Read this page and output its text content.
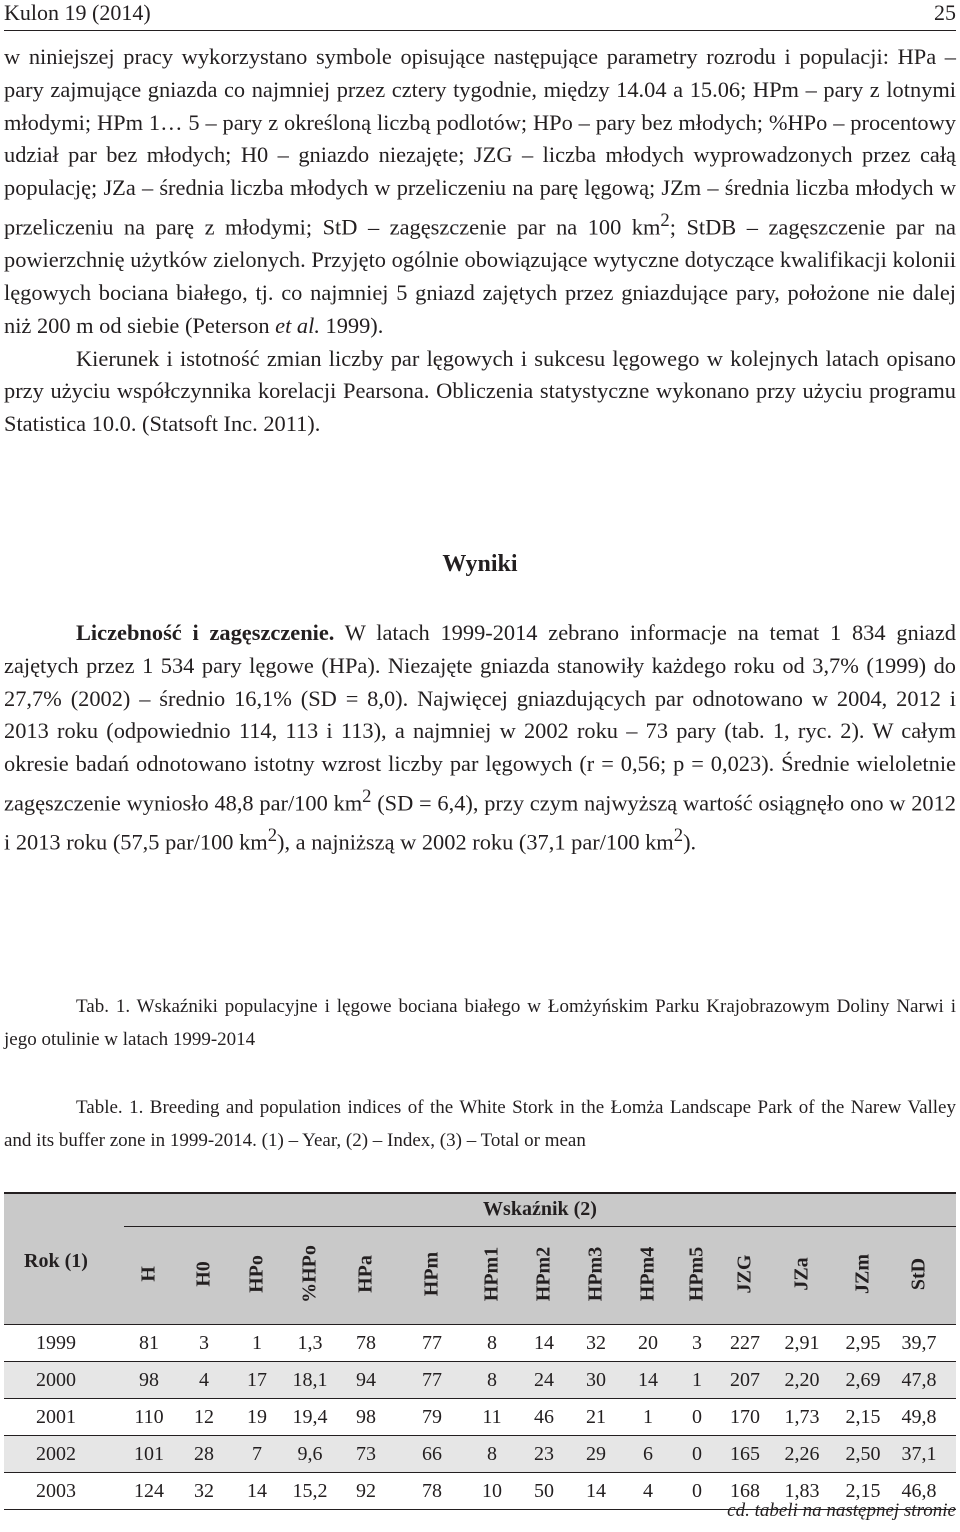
Kulon 19 (2014)	25

w niniejszej pracy wykorzystano symbole opisujące następujące parametry rozrodu i populacji: HPa – pary zajmujące gniazda co najmniej przez cztery tygodnie, między 14.04 a 15.06; HPm – pary z lotnymi młodymi; HPm 1… 5 – pary z określoną liczbą podlotów; HPo – pary bez młodych; %HPo – procentowy udział par bez młodych; H0 – gniazdo niezajęte; JZG – liczba młodych wyprowadzonych przez całą populację; JZa – średnia liczba młodych w przeliczeniu na parę lęgową; JZm – średnia liczba młodych w przeliczeniu na parę z młodymi; StD – zagęszczenie par na 100 $km^2$; StDB – zagęszczenie par na powierzchnię użytków zielonych. Przyjęto ogólnie obowiązujące wytyczne dotyczące kwalifikacji kolonii lęgowych bociana białego, tj. co najmniej 5 gniazd zajętych przez gniazdujące pary, położone nie dalej niż 200 m od siebie (Peterson et al. 1999).

Kierunek i istotność zmian liczby par lęgowych i sukcesu lęgowego w kolejnych latach opisano przy użyciu współczynnika korelacji Pearsona. Obliczenia statystyczne wykonano przy użyciu programu Statistica 10.0. (Statsoft Inc. 2011).

Wyniki

Liczebność i zagęszczenie. W latach 1999-2014 zebrano informacje na temat 1 834 gniazd zajętych przez 1 534 pary lęgowe (HPa). Niezajęte gniazda stanowiły każdego roku od 3,7% (1999) do 27,7% (2002) – średnio 16,1% (SD = 8,0). Najwięcej gniazdujących par odnotowano w 2004, 2012 i 2013 roku (odpowiednio 114, 113 i 113), a najmniej w 2002 roku – 73 pary (tab. 1, ryc. 2). W całym okresie badań odnotowano istotny wzrost liczby par lęgowych (r = 0,56; p = 0,023). Średnie wieloletnie zagęszczenie wyniosło 48,8 par/100 $km^2$ (SD = 6,4), przy czym najwyższą wartość osiągnęło ono w 2012 i 2013 roku (57,5 par/100 $km^2$), a najniższą w 2002 roku (37,1 par/100 $km^2$).

Tab. 1. Wskaźniki populacyjne i lęgowe bociana białego w Łomżyńskim Parku Krajobrazowym Doliny Narwi i jego otulinie w latach 1999-2014

Table. 1. Breeding and population indices of the White Stork in the Łomża Landscape Park of the Narew Valley and its buffer zone in 1999-2014. (1) – Year, (2) – Index, (3) – Total or mean

Wskaźnik (2)
Rok (1)
H H0 HPo %HPo HPa HPm HPm1 HPm2 HPm3 HPm4 HPm5 JZG JZa JZm StD
1999	81	3	1	1,3	78	77	8	14	32	20	3	227	2,91	2,95	39,7
2000	98	4	17	18,1	94	77	8	24	30	14	1	207	2,20	2,69	47,8
2001	110	12	19	19,4	98	79	11	46	21	1	0	170	1,73	2,15	49,8
2002	101	28	7	9,6	73	66	8	23	29	6	0	165	2,26	2,50	37,1
2003	124	32	14	15,2	92	78	10	50	14	4	0	168	1,83	2,15	46,8
cd. tabeli na następnej stronie
